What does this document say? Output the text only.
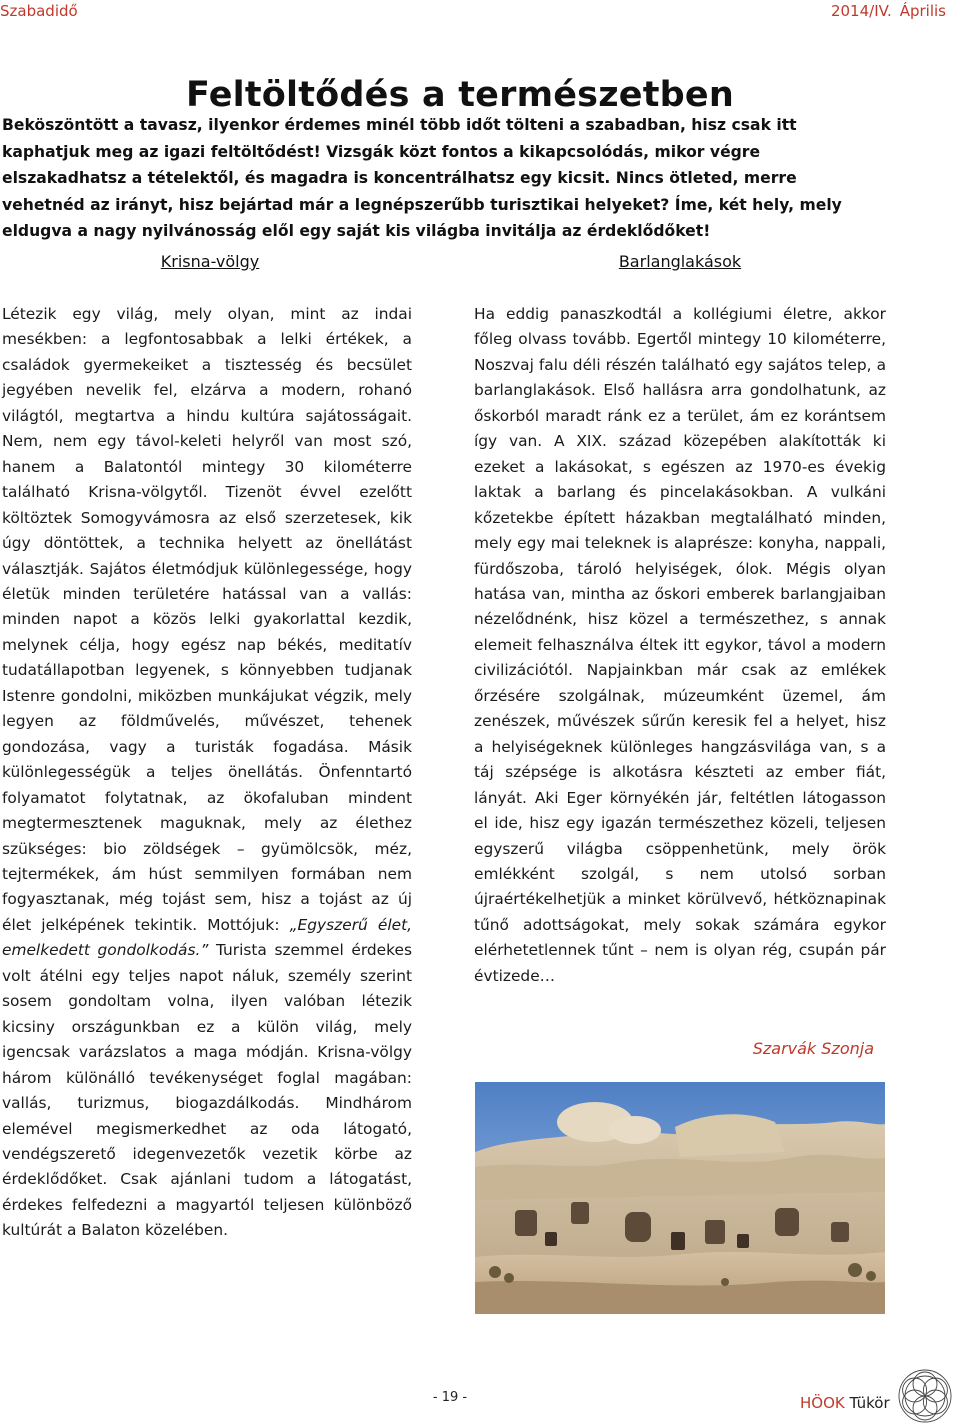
Szabadidő	2014/IV. Április
Feltöltődés a természetben
Beköszöntött a tavasz, ilyenkor érdemes minél több időt tölteni a szabadban, hisz csak itt kaphatjuk meg az igazi feltöltődést! Vizsgák közt fontos a kikapcsolódás, mikor végre elszakadhatsz a tételektől, és magadra is koncentrálhatsz egy kicsit. Nincs ötleted, merre vehetnéd az irányt, hisz bejártad már a legnépszerűbb turisztikai helyeket? Íme, két hely, mely eldugva a nagy nyilvánosság elől egy saját kis világba invitálja az érdeklődőket!
Krisna-völgy	Barlanglakások

Létezik egy világ, mely olyan, mint az indai mesékben: a legfontosabbak a lelki értékek, a családok gyermekeiket a tisztesség és becsület jegyében nevelik fel, elzárva a modern, rohanó világtól, megtartva a hindu kultúra sajátosságait. Nem, nem egy távol-keleti helyről van most szó, hanem a Balatontól mintegy 30 kilométerre található Krisna-völgytől. Tizenöt évvel ezelőtt költöztek Somogyvámosra az első szerzetesek, kik úgy döntöttek, a technika helyett az önellátást választják. Sajátos életmódjuk különlegessége, hogy életük minden területére hatással van a vallás: minden napot a közös lelki gyakorlattal kezdik, melynek célja, hogy egész nap békés, meditatív tudatállapotban legyenek, s könnyebben tudjanak Istenre gondolni, miközben munkájukat végzik, mely legyen az földművelés, művészet, tehenek gondozása, vagy a turisták fogadása. Másik különlegességük a teljes önellátás. Önfenntartó folyamatot folytatnak, az ökofaluban mindent megtermesztenek maguknak, mely az élethez szükséges: bio zöldségek – gyümölcsök, méz, tejtermékek, ám húst semmilyen formában nem fogyasztanak, még tojást sem, hisz a tojást az új élet jelképének tekintik. Mottójuk: „Egyszerű élet, emelkedett gondolkodás.” Turista szemmel érdekes volt átélni egy teljes napot náluk, személy szerint sosem gondoltam volna, ilyen valóban létezik kicsiny országunkban ez a külön világ, mely igencsak varázslatos a maga módján. Krisna-völgy három különálló tevékenységet foglal magában: vallás, turizmus, biogazdálkodás. Mindhárom elemével megismerkedhet az oda látogató, vendégszerető idegenvezetők vezetik körbe az érdeklődőket. Csak ajánlani tudom a látogatást, érdekes felfedezni a magyartól teljesen különböző kultúrát a Balaton közelében.

Ha eddig panaszkodtál a kollégiumi életre, akkor főleg olvass tovább. Egertől mintegy 10 kilométerre, Noszvaj falu déli részén található egy sajátos telep, a barlanglakások. Első hallásra arra gondolhatunk, az őskorból maradt ránk ez a terület, ám ez korántsem így van. A XIX. század közepében alakították ki ezeket a lakásokat, s egészen az 1970-es évekig laktak a barlang és pincelakásokban. A vulkáni kőzetekbe épített házakban megtalálható minden, mely egy mai teleknek is alaprésze: konyha, nappali, fürdőszoba, tároló helyiségek, ólok. Mégis olyan hatása van, mintha az őskori emberek barlangjaiban nézelődnénk, hisz közel a természethez, s annak elemeit felhasználva éltek itt egykor, távol a modern civilizációtól. Napjainkban már csak az emlékek őrzésére szolgálnak, múzeumként üzemel, ám zenészek, művészek sűrűn keresik fel a helyet, hisz a helyiségeknek különleges hangzásvilága van, s a táj szépsége is alkotásra készteti az ember fiát, lányát. Aki Eger környékén jár, feltétlen látogasson el ide, hisz egy igazán természethez közeli, teljesen egyszerű világba csöppenhetünk, mely örök emlékként szolgál, s nem utolsó sorban újraértékelhetjük a minket körülvevő, hétköznapinak tűnő adottságokat, mely sokak számára egykor elérhetetlennek tűnt – nem is olyan rég, csupán pár évtizede…

Szarvák Szonja
- 19 -	HÖOK Tükör
